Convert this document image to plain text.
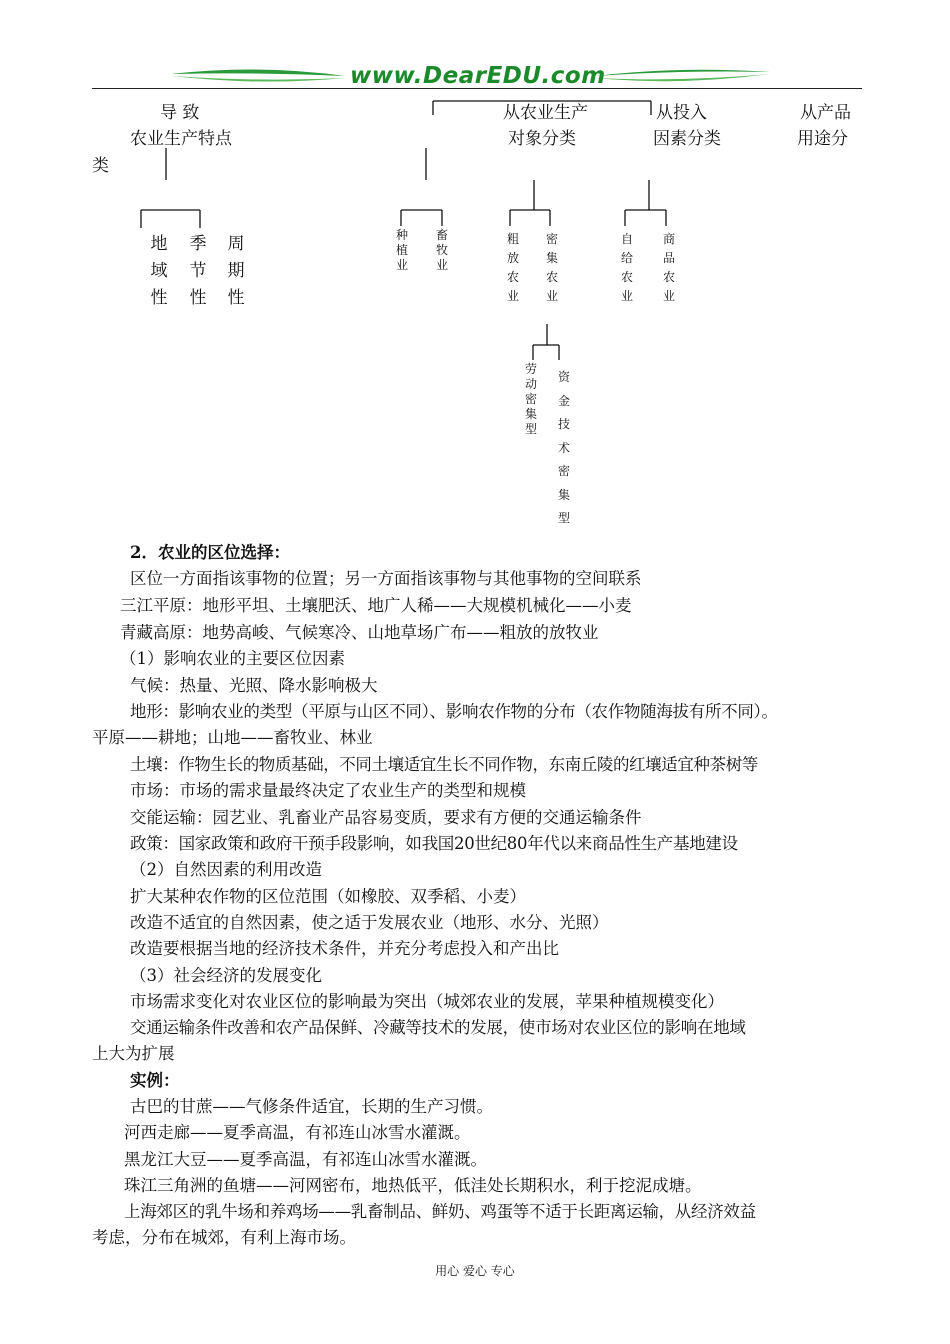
www.DearEDU.com
导 致
农业生产特点
类
从农业生产
对象分类
从投入
因素分类
从产品
用途分
地域性
季节性
周期性
种植业
畜牧业
粗放农业
密集农业
自给农业
商品农业
劳动密集型
资金技术密集型
2．农业的区位选择：
区位一方面指该事物的位置；另一方面指该事物与其他事物的空间联系
三江平原：地形平坦、土壤肥沃、地广人稀——大规模机械化——小麦
青藏高原：地势高峻、气候寒冷、山地草场广布——粗放的放牧业
（1）影响农业的主要区位因素
气候：热量、光照、降水影响极大
地形：影响农业的类型（平原与山区不同）、影响农作物的分布（农作物随海拔有所不同）。
平原——耕地；山地——畜牧业、林业
土壤：作物生长的物质基础，不同土壤适宜生长不同作物，东南丘陵的红壤适宜种茶树等
市场：市场的需求量最终决定了农业生产的类型和规模
交能运输：园艺业、乳畜业产品容易变质，要求有方便的交通运输条件
政策：国家政策和政府干预手段影响，如我国20世纪80年代以来商品性生产基地建设
（2）自然因素的利用改造
扩大某种农作物的区位范围（如橡胶、双季稻、小麦）
改造不适宜的自然因素，使之适于发展农业（地形、水分、光照）
改造要根据当地的经济技术条件，并充分考虑投入和产出比
（3）社会经济的发展变化
市场需求变化对农业区位的影响最为突出（城郊农业的发展，苹果种植规模变化）
交通运输条件改善和农产品保鲜、冷藏等技术的发展，使市场对农业区位的影响在地域
上大为扩展
实例：
古巴的甘蔗——气修条件适宜，长期的生产习惯。
河西走廊——夏季高温，有祁连山冰雪水灌溉。
黑龙江大豆——夏季高温，有祁连山冰雪水灌溉。
珠江三角洲的鱼塘——河网密布，地热低平，低洼处长期积水，利于挖泥成塘。
上海郊区的乳牛场和养鸡场——乳畜制品、鲜奶、鸡蛋等不适于长距离运输，从经济效益
考虑，分布在城郊，有利上海市场。
用心 爱心 专心
